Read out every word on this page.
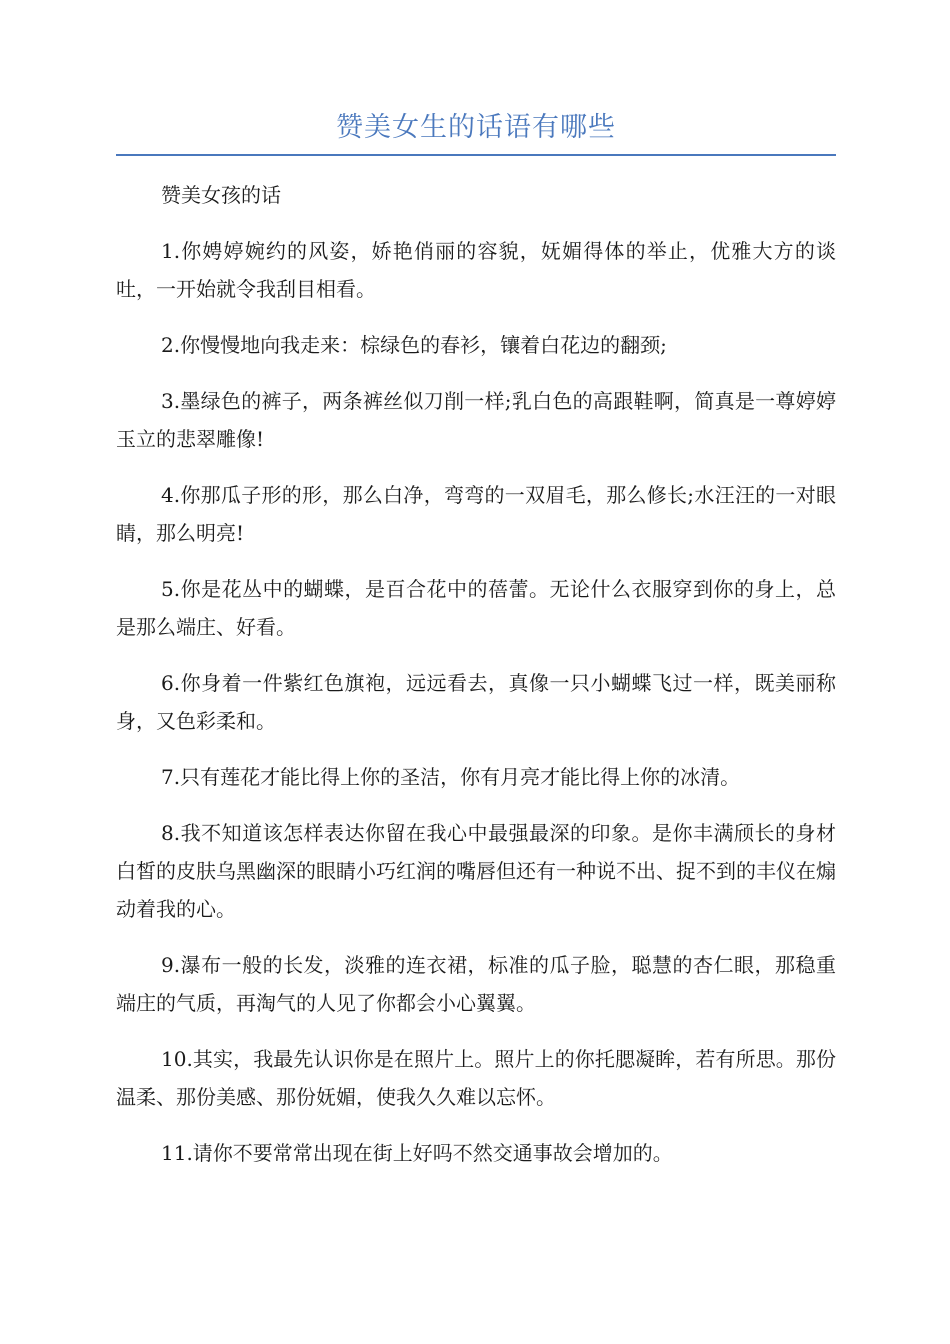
赞美女生的话语有哪些

赞美女孩的话

1.你娉婷婉约的风姿，娇艳俏丽的容貌，妩媚得体的举止，优雅大方的谈吐，一开始就令我刮目相看。

2.你慢慢地向我走来：棕绿色的春衫，镶着白花边的翻颈;

3.墨绿色的裤子，两条裤丝似刀削一样;乳白色的高跟鞋啊，简真是一尊婷婷玉立的悲翠雕像!

4.你那瓜子形的形，那么白净，弯弯的一双眉毛，那么修长;水汪汪的一对眼睛，那么明亮!

5.你是花丛中的蝴蝶，是百合花中的蓓蕾。无论什么衣服穿到你的身上，总是那么端庄、好看。

6.你身着一件紫红色旗袍，远远看去，真像一只小蝴蝶飞过一样，既美丽称身，又色彩柔和。

7.只有莲花才能比得上你的圣洁，你有月亮才能比得上你的冰清。

8.我不知道该怎样表达你留在我心中最强最深的印象。是你丰满颀长的身材白皙的皮肤乌黑幽深的眼睛小巧红润的嘴唇但还有一种说不出、捉不到的丰仪在煽动着我的心。

9.瀑布一般的长发，淡雅的连衣裙，标准的瓜子脸，聪慧的杏仁眼，那稳重端庄的气质，再淘气的人见了你都会小心翼翼。

10.其实，我最先认识你是在照片上。照片上的你托腮凝眸，若有所思。那份温柔、那份美感、那份妩媚，使我久久难以忘怀。

11.请你不要常常出现在街上好吗不然交通事故会增加的。
